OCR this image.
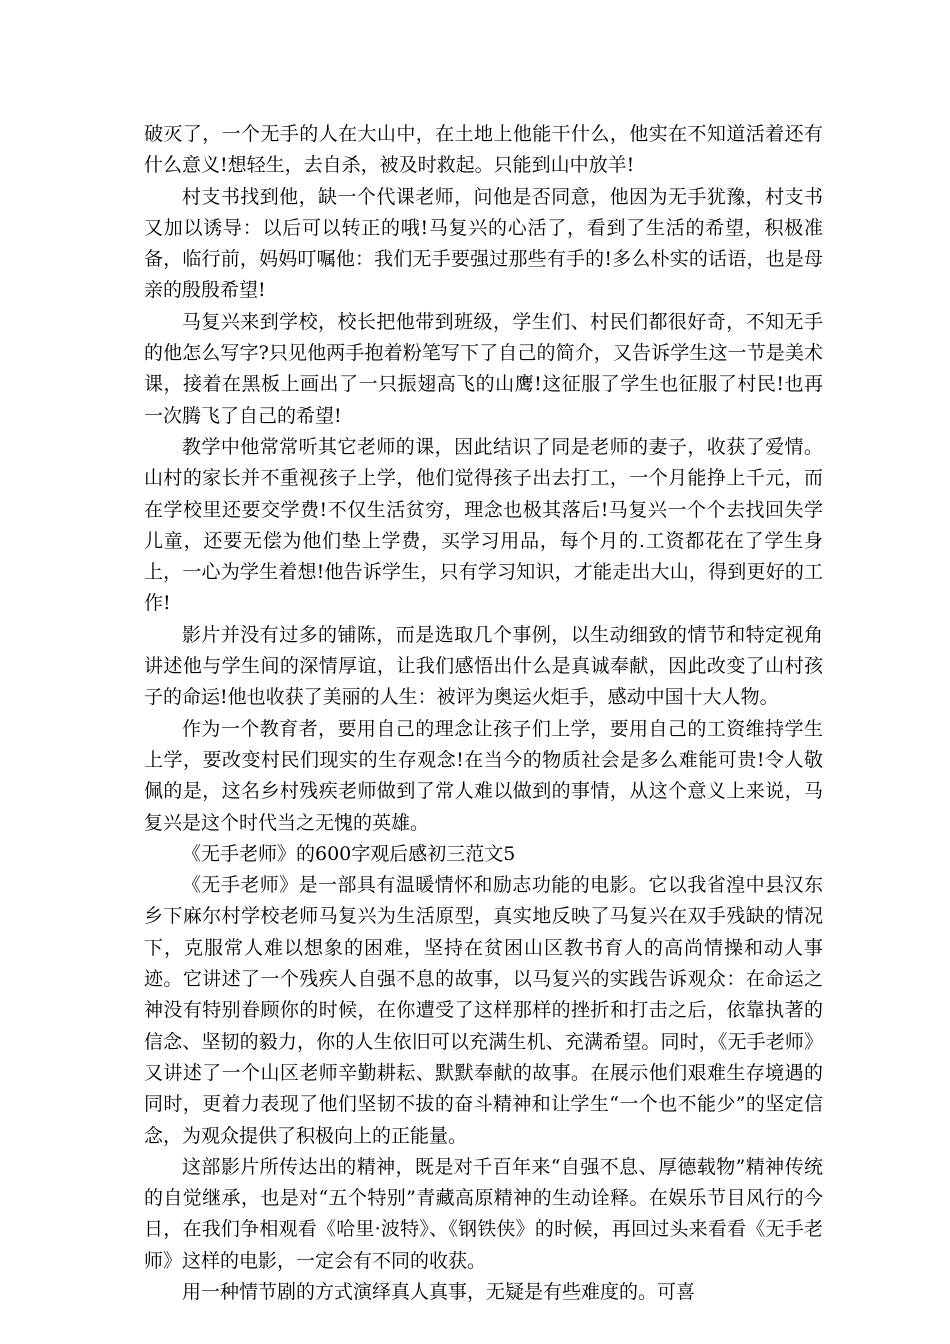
破灭了，一个无手的人在大山中，在土地上他能干什么，他实在不知道活着还有什么意义!想轻生，去自杀，被及时救起。只能到山中放羊!

村支书找到他，缺一个代课老师，问他是否同意，他因为无手犹豫，村支书又加以诱导：以后可以转正的哦!马复兴的心活了，看到了生活的希望，积极准备，临行前，妈妈叮嘱他：我们无手要强过那些有手的!多么朴实的话语，也是母亲的殷殷希望!

马复兴来到学校，校长把他带到班级，学生们、村民们都很好奇，不知无手的他怎么写字?只见他两手抱着粉笔写下了自己的简介，又告诉学生这一节是美术课，接着在黑板上画出了一只振翅高飞的山鹰!这征服了学生也征服了村民!也再一次腾飞了自己的希望!

教学中他常常听其它老师的课，因此结识了同是老师的妻子，收获了爱情。山村的家长并不重视孩子上学，他们觉得孩子出去打工，一个月能挣上千元，而在学校里还要交学费!不仅生活贫穷，理念也极其落后!马复兴一个个去找回失学儿童，还要无偿为他们垫上学费，买学习用品，每个月的.工资都花在了学生身上，一心为学生着想!他告诉学生，只有学习知识，才能走出大山，得到更好的工作!

影片并没有过多的铺陈，而是选取几个事例，以生动细致的情节和特定视角讲述他与学生间的深情厚谊，让我们感悟出什么是真诚奉献，因此改变了山村孩子的命运!他也收获了美丽的人生：被评为奥运火炬手，感动中国十大人物。

作为一个教育者，要用自己的理念让孩子们上学，要用自己的工资维持学生上学，要改变村民们现实的生存观念!在当今的物质社会是多么难能可贵!令人敬佩的是，这名乡村残疾老师做到了常人难以做到的事情，从这个意义上来说，马复兴是这个时代当之无愧的英雄。

《无手老师》的600字观后感初三范文5

《无手老师》是一部具有温暖情怀和励志功能的电影。它以我省湟中县汉东乡下麻尔村学校老师马复兴为生活原型，真实地反映了马复兴在双手残缺的情况下，克服常人难以想象的困难，坚持在贫困山区教书育人的高尚情操和动人事迹。它讲述了一个残疾人自强不息的故事，以马复兴的实践告诉观众：在命运之神没有特别眷顾你的时候，在你遭受了这样那样的挫折和打击之后，依靠执著的信念、坚韧的毅力，你的人生依旧可以充满生机、充满希望。同时，《无手老师》又讲述了一个山区老师辛勤耕耘、默默奉献的故事。在展示他们艰难生存境遇的同时，更着力表现了他们坚韧不拔的奋斗精神和让学生“一个也不能少”的坚定信念，为观众提供了积极向上的正能量。

这部影片所传达出的精神，既是对千百年来“自强不息、厚德载物”精神传统的自觉继承，也是对“五个特别”青藏高原精神的生动诠释。在娱乐节目风行的今日，在我们争相观看《哈里·波特》、《钢铁侠》的时候，再回过头来看看《无手老师》这样的电影，一定会有不同的收获。

用一种情节剧的方式演绎真人真事，无疑是有些难度的。可喜
